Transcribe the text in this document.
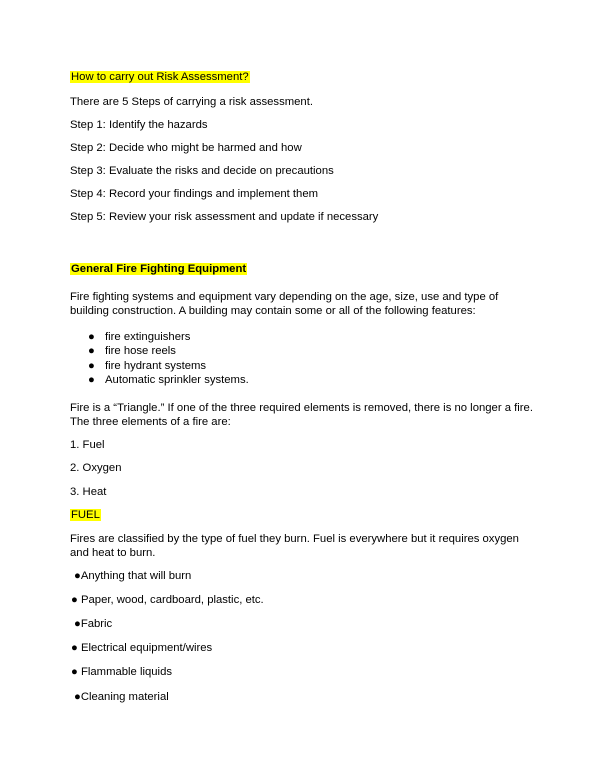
How to carry out Risk Assessment?
There are 5 Steps of carrying a risk assessment.
Step 1: Identify the hazards
Step 2: Decide who might be harmed and how
Step 3: Evaluate the risks and decide on precautions
Step 4: Record your findings and implement them
Step 5: Review your risk assessment and update if necessary
General Fire Fighting Equipment
Fire fighting systems and equipment vary depending on the age, size, use and type of building construction. A building may contain some or all of the following features:
● fire extinguishers
● fire hose reels
● fire hydrant systems
● Automatic sprinkler systems.
Fire is a “Triangle.” If one of the three required elements is removed, there is no longer a fire. The three elements of a fire are:
1. Fuel
2. Oxygen
3. Heat
FUEL
Fires are classified by the type of fuel they burn. Fuel is everywhere but it requires oxygen and heat to burn.
●Anything that will burn
● Paper, wood, cardboard, plastic, etc.
●Fabric
● Electrical equipment/wires
● Flammable liquids
●Cleaning material
